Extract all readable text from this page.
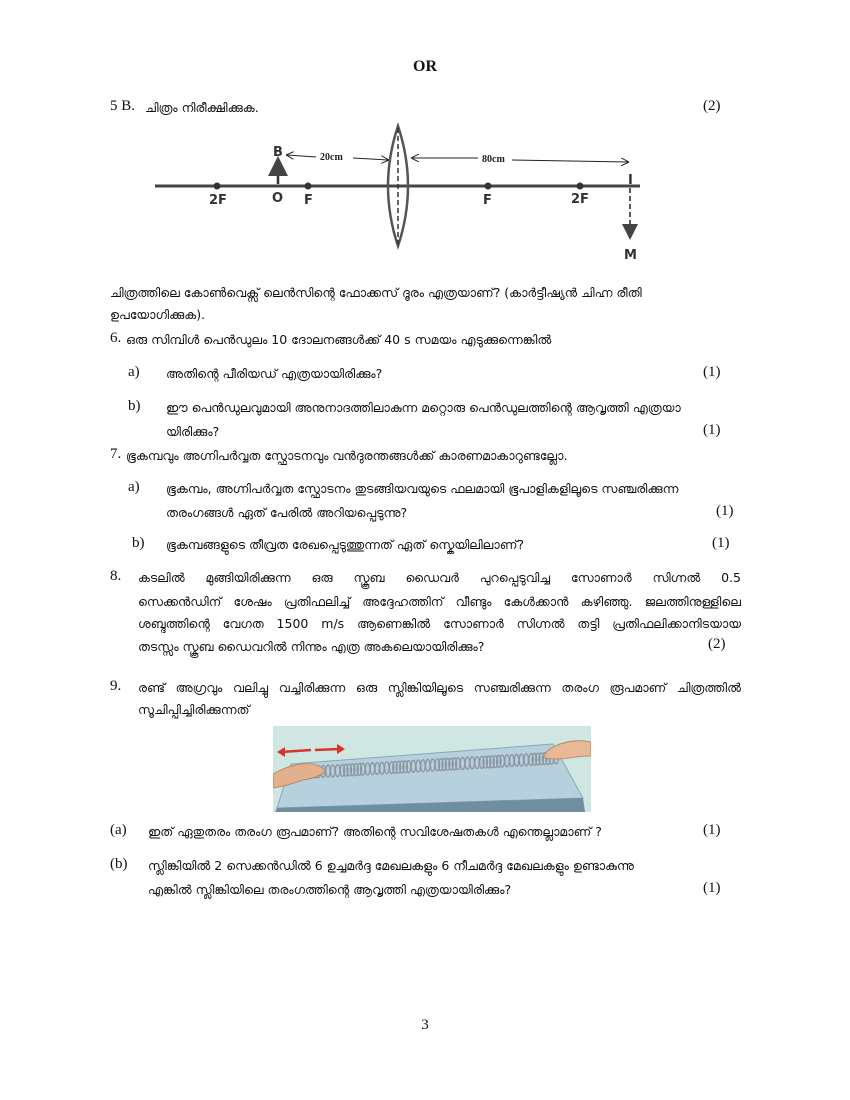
OR
5 B. ചിത്രം നിരീക്ഷിക്കുക.	(2)
B
O
2F	F	F	2F
I
M
20cm	80cm
ചിത്രത്തിലെ കോൺവെക്സ് ലെൻസിന്റെ ഫോക്കസ് ദൂരം എത്രയാണ്? (കാർട്ടീഷ്യൻ ചിഹ്ന രീതി
ഉപയോഗിക്കുക).
6. ഒരു സിമ്പിൾ പെൻഡുലം 10 ദോലനങ്ങൾക്ക് 40 s സമയം എടുക്കുന്നെങ്കിൽ
a) അതിന്റെ പീരിയഡ് എത്രയായിരിക്കും?	(1)
b) ഈ പെൻഡുലവുമായി അനുനാദത്തിലാകുന്ന മറ്റൊരു പെൻഡുലത്തിന്റെ ആവൃത്തി എത്രയാ
യിരിക്കും?	(1)
7. ഭൂകമ്പവും അഗ്നിപർവ്വത സ്ഫോടനവും വൻദുരന്തങ്ങൾക്ക് കാരണമാകാറുണ്ടല്ലോ.
a) ഭൂകമ്പം, അഗ്നിപർവ്വത സ്ഫോടനം തുടങ്ങിയവയുടെ ഫലമായി ഭൂപാളികളിലൂടെ സഞ്ചരിക്കുന്ന
തരംഗങ്ങൾ ഏത് പേരിൽ അറിയപ്പെടുന്നു?	(1)
b) ഭൂകമ്പങ്ങളുടെ തീവ്രത രേഖപ്പെടുത്തുന്നത് ഏത് സ്കെയിലിലാണ്?	(1)
8. കടലിൽ മുങ്ങിയിരിക്കുന്ന ഒരു സ്കൂബ ഡൈവർ പുറപ്പെടുവിച്ച സോണാർ സിഗ്നൽ 0.5
സെക്കൻഡിന് ശേഷം പ്രതിഫലിച്ച് അദ്ദേഹത്തിന് വീണ്ടും കേൾക്കാൻ കഴിഞ്ഞു. ജലത്തിനുള്ളിലെ
ശബ്ദത്തിന്റെ വേഗത 1500 m/s ആണെങ്കിൽ സോണാർ സിഗ്നൽ തട്ടി പ്രതിഫലിക്കാനിടയായ
തടസ്സം സ്കൂബ ഡൈവറിൽ നിന്നും എത്ര അകലെയായിരിക്കും?	(2)
9. രണ്ട് അഗ്രവും വലിച്ചു വച്ചിരിക്കുന്ന ഒരു സ്ലിങ്കിയിലൂടെ സഞ്ചരിക്കുന്ന തരംഗ രൂപമാണ് ചിത്രത്തിൽ
സൂചിപ്പിച്ചിരിക്കുന്നത്
(a) ഇത് ഏതുതരം തരംഗ രൂപമാണ്? അതിന്റെ സവിശേഷതകൾ എന്തെല്ലാമാണ് ?	(1)
(b) സ്ലിങ്കിയിൽ 2 സെക്കൻഡിൽ 6 ഉച്ചമർദ്ദ മേഖലകളും 6 നീചമർദ്ദ മേഖലകളും ഉണ്ടാകുന്നു
എങ്കിൽ സ്ലിങ്കിയിലെ തരംഗത്തിന്റെ ആവൃത്തി എത്രയായിരിക്കും?	(1)
3
